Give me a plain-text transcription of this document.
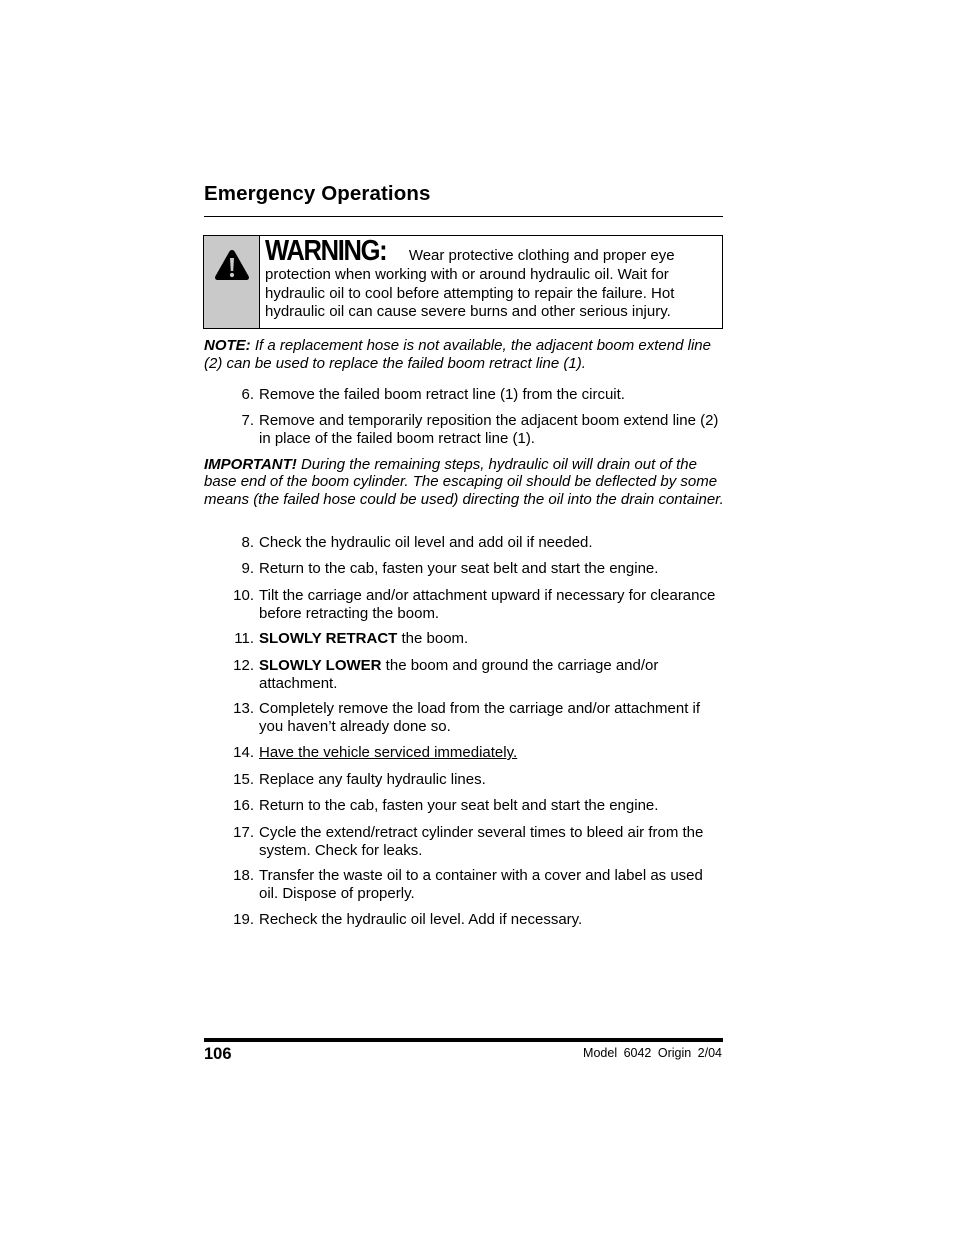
Emergency Operations
WARNING: Wear protective clothing and proper eye protection when working with or around hydraulic oil. Wait for hydraulic oil to cool before attempting to repair the failure. Hot hydraulic oil can cause severe burns and other serious injury.

NOTE: If a replacement hose is not available, the adjacent boom extend line (2) can be used to replace the failed boom retract line (1).

6. Remove the failed boom retract line (1) from the circuit.
7. Remove and temporarily reposition the adjacent boom extend line (2) in place of the failed boom retract line (1).

IMPORTANT! During the remaining steps, hydraulic oil will drain out of the base end of the boom cylinder. The escaping oil should be deflected by some means (the failed hose could be used) directing the oil into the drain container.

8. Check the hydraulic oil level and add oil if needed.
9. Return to the cab, fasten your seat belt and start the engine.
10. Tilt the carriage and/or attachment upward if necessary for clearance before retracting the boom.
11. SLOWLY RETRACT the boom.
12. SLOWLY LOWER the boom and ground the carriage and/or attachment.
13. Completely remove the load from the carriage and/or attachment if you haven’t already done so.
14. Have the vehicle serviced immediately.
15. Replace any faulty hydraulic lines.
16. Return to the cab, fasten your seat belt and start the engine.
17. Cycle the extend/retract cylinder several times to bleed air from the system. Check for leaks.
18. Transfer the waste oil to a container with a cover and label as used oil. Dispose of properly.
19. Recheck the hydraulic oil level. Add if necessary.
106	Model 6042 Origin 2/04
